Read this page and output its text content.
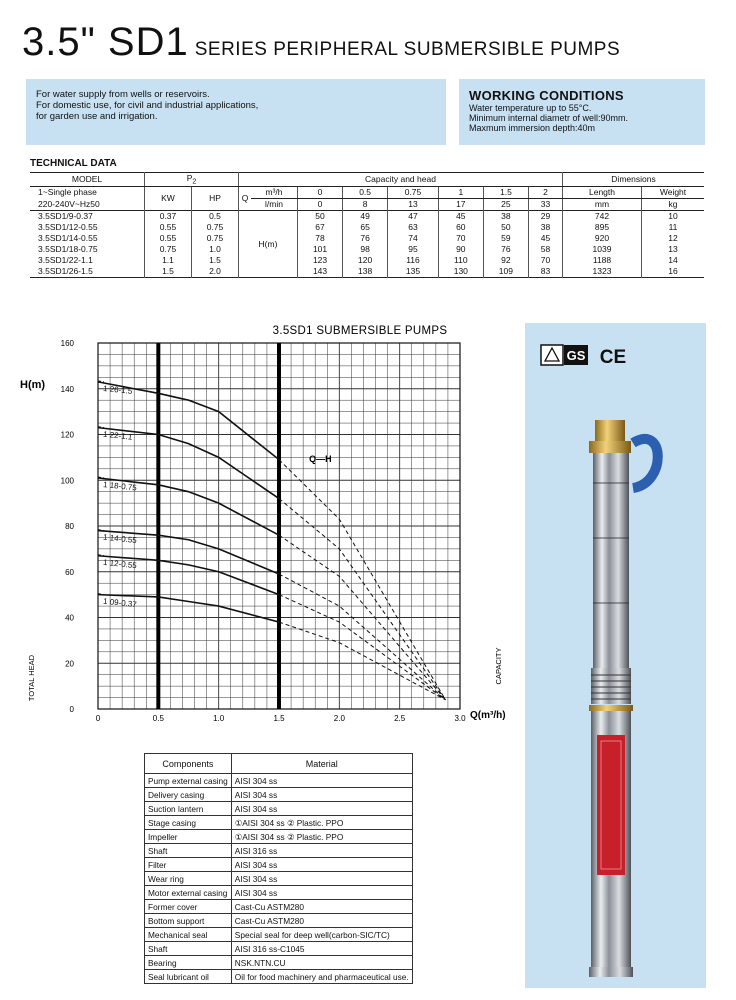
3.5" SD1 SERIES PERIPHERAL SUBMERSIBLE PUMPS
For water supply from wells or reservoirs.
For domestic use, for civil and industrial applications,
for garden use and irrigation.
WORKING CONDITIONS
Water temperature up to 55°C.
Minimum internal diametr of well:90mm.
Maxmum immersion depth:40m
TECHNICAL DATA
MODEL	$P_2$		Capacity and head								Dimensions	
1~Single phase	KW	HP	Q	m³/h	0	0.5	0.75	1	1.5	2	Length	Weight
220-240V~Hz50				l/min	0	8	13	17	25	33	mm	kg
3.5SD1/9-0.37	0.37	0.5	H(m)		50	49	47	45	38	29	742	10
3.5SD1/12-0.55	0.55	0.75			67	65	63	60	50	38	895	11
3.5SD1/14-0.55	0.55	0.75			78	76	74	70	59	45	920	12
3.5SD1/18-0.75	0.75	1.0			101	98	95	90	76	58	1039	13
3.5SD1/22-1.1	1.1	1.5			123	120	116	110	92	70	1188	14
3.5SD1/26-1.5	1.5	2.0			143	138	135	130	109	83	1323	16
3.5SD1 SUBMERSIBLE PUMPS
0
20
40
60
80
100
120
140
160
0	0.5	1.0	1.5	2.0	2.5	3.0
H(m)
TOTAL HEAD
Q(m³/h)
CAPACITY
1 26-1.5
1 22-1.1
1 18-0.75
1 14-0.55
1 12-0.55
1 09-0.37
Q—H
GS CE
Components	Material
Pump external casing	AISI 304 ss
Delivery casing	AISI 304 ss
Suction lantern	AISI 304 ss
Stage casing	①AISI 304 ss ② Plastic. PPO
Impeller	①AISI 304 ss ② Plastic. PPO
Shaft	AISI 316 ss
Filter	AISI 304 ss
Wear ring	AISI 304 ss
Motor external casing	AISI 304 ss
Former cover	Cast-Cu ASTM280
Bottom support	Cast-Cu ASTM280
Mechanical seal	Special seal for deep well(carbon-SIC/TC)
Shaft	AISI 316 ss-C1045
Bearing	NSK.NTN.CU
Seal lubricant oil	Oil for food machinery and pharmaceutical use.
